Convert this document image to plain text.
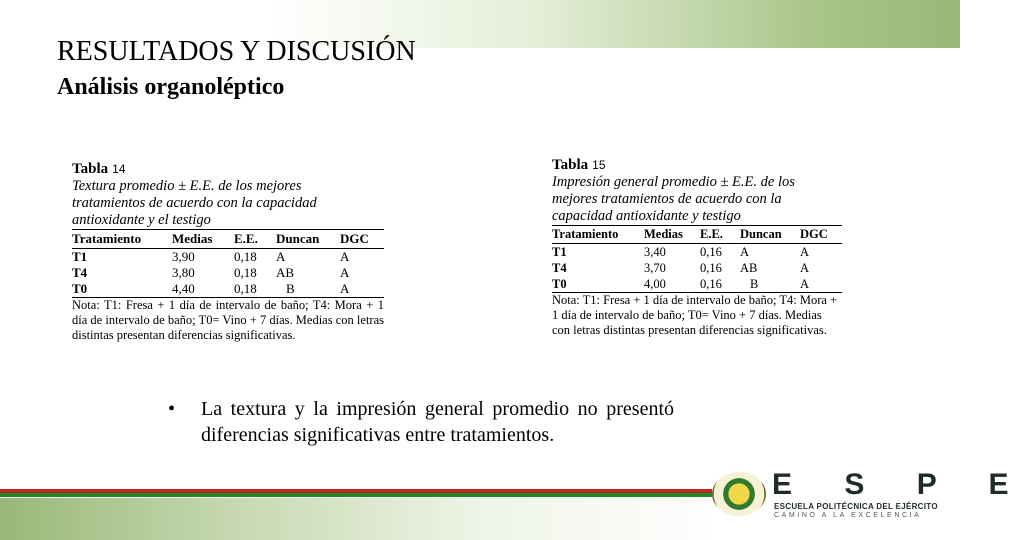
RESULTADOS Y DISCUSIÓN
Análisis organoléptico
Tabla 14
Textura promedio ± E.E. de los mejores
tratamientos de acuerdo con la capacidad
antioxidante y el testigo
Tratamiento	Medias	E.E.	Duncan	DGC
T1	3,90	0,18	A	A
T4	3,80	0,18	AB	A
T0	4,40	0,18	B	A
Nota: T1: Fresa + 1 día de intervalo de baño; T4: Mora + 1 día de intervalo de baño; T0= Vino + 7 días. Medias con letras distintas presentan diferencias significativas.
Tabla 15
Impresión general promedio ± E.E. de los
mejores tratamientos de acuerdo con la
capacidad antioxidante y testigo
Tratamiento	Medias	E.E.	Duncan	DGC
T1	3,40	0,16	A	A
T4	3,70	0,16	AB	A
T0	4,00	0,16	B	A
Nota: T1: Fresa + 1 día de intervalo de baño; T4: Mora + 1 día de intervalo de baño; T0= Vino + 7 días. Medias con letras distintas presentan diferencias significativas.
• La textura y la impresión general promedio no presentó diferencias significativas entre tratamientos.
E S P E
ESCUELA POLITÉCNICA DEL EJÉRCITO
CAMINO A LA EXCELENCIA
